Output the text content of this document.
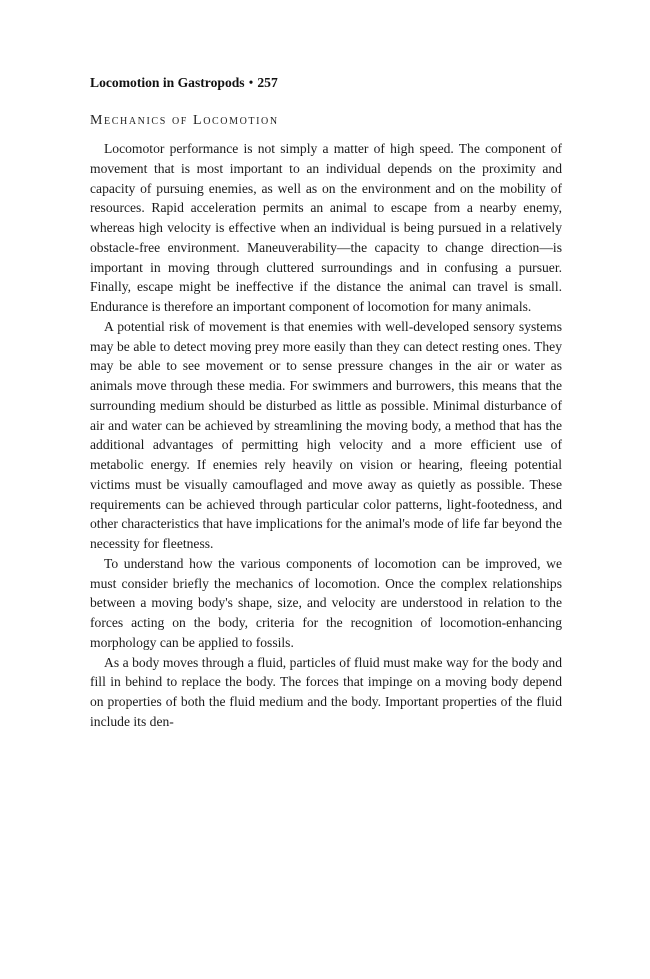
Locomotion in Gastropods • 257
Mechanics of Locomotion

Locomotor performance is not simply a matter of high speed. The component of movement that is most important to an individual depends on the proximity and capacity of pursuing enemies, as well as on the environment and on the mobility of resources. Rapid acceleration permits an animal to escape from a nearby enemy, whereas high velocity is effective when an individual is being pursued in a relatively obstacle-free environment. Maneuverability—the capacity to change direction—is important in moving through cluttered surroundings and in confusing a pursuer. Finally, escape might be ineffective if the distance the animal can travel is small. Endurance is therefore an important component of locomotion for many animals.

A potential risk of movement is that enemies with well-developed sensory systems may be able to detect moving prey more easily than they can detect resting ones. They may be able to see movement or to sense pressure changes in the air or water as animals move through these media. For swimmers and burrowers, this means that the surrounding medium should be disturbed as little as possible. Minimal disturbance of air and water can be achieved by streamlining the moving body, a method that has the additional advantages of permitting high velocity and a more efficient use of metabolic energy. If enemies rely heavily on vision or hearing, fleeing potential victims must be visually camouflaged and move away as quietly as possible. These requirements can be achieved through particular color patterns, light-footedness, and other characteristics that have implications for the animal's mode of life far beyond the necessity for fleetness.

To understand how the various components of locomotion can be improved, we must consider briefly the mechanics of locomotion. Once the complex relationships between a moving body's shape, size, and velocity are understood in relation to the forces acting on the body, criteria for the recognition of locomotion-enhancing morphology can be applied to fossils.

As a body moves through a fluid, particles of fluid must make way for the body and fill in behind to replace the body. The forces that impinge on a moving body depend on properties of both the fluid medium and the body. Important properties of the fluid include its den-
